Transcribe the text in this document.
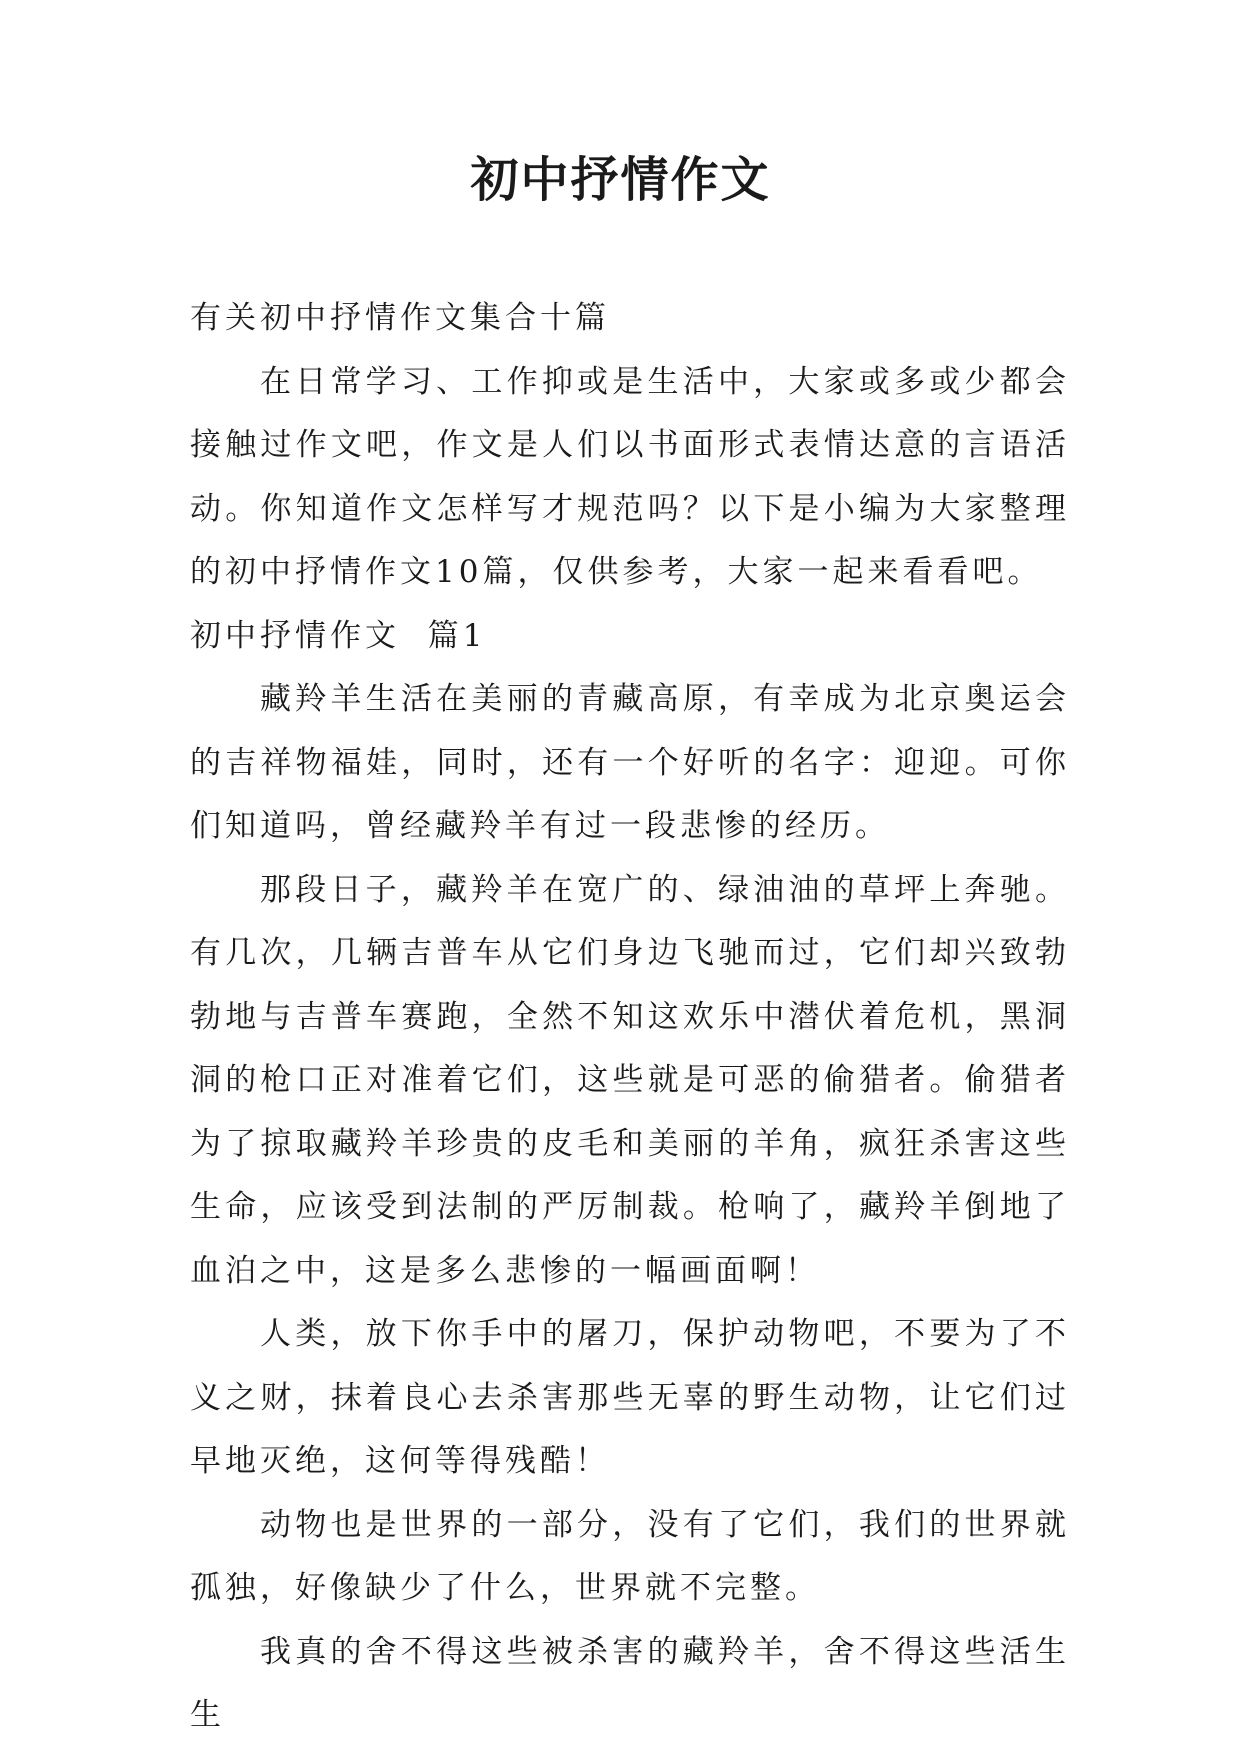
初中抒情作文

有关初中抒情作文集合十篇

在日常学习、工作抑或是生活中，大家或多或少都会接触过作文吧，作文是人们以书面形式表情达意的言语活动。你知道作文怎样写才规范吗？以下是小编为大家整理的初中抒情作文10篇，仅供参考，大家一起来看看吧。

初中抒情作文  篇1

藏羚羊生活在美丽的青藏高原，有幸成为北京奥运会的吉祥物福娃，同时，还有一个好听的名字：迎迎。可你们知道吗，曾经藏羚羊有过一段悲惨的经历。

那段日子，藏羚羊在宽广的、绿油油的草坪上奔驰。有几次，几辆吉普车从它们身边飞驰而过，它们却兴致勃勃地与吉普车赛跑，全然不知这欢乐中潜伏着危机，黑洞洞的枪口正对准着它们，这些就是可恶的偷猎者。偷猎者为了掠取藏羚羊珍贵的皮毛和美丽的羊角，疯狂杀害这些生命，应该受到法制的严厉制裁。枪响了，藏羚羊倒地了血泊之中，这是多么悲惨的一幅画面啊！

人类，放下你手中的屠刀，保护动物吧，不要为了不义之财，抹着良心去杀害那些无辜的野生动物，让它们过早地灭绝，这何等得残酷！

动物也是世界的一部分，没有了它们，我们的世界就孤独，好像缺少了什么，世界就不完整。

我真的舍不得这些被杀害的藏羚羊，舍不得这些活生生
